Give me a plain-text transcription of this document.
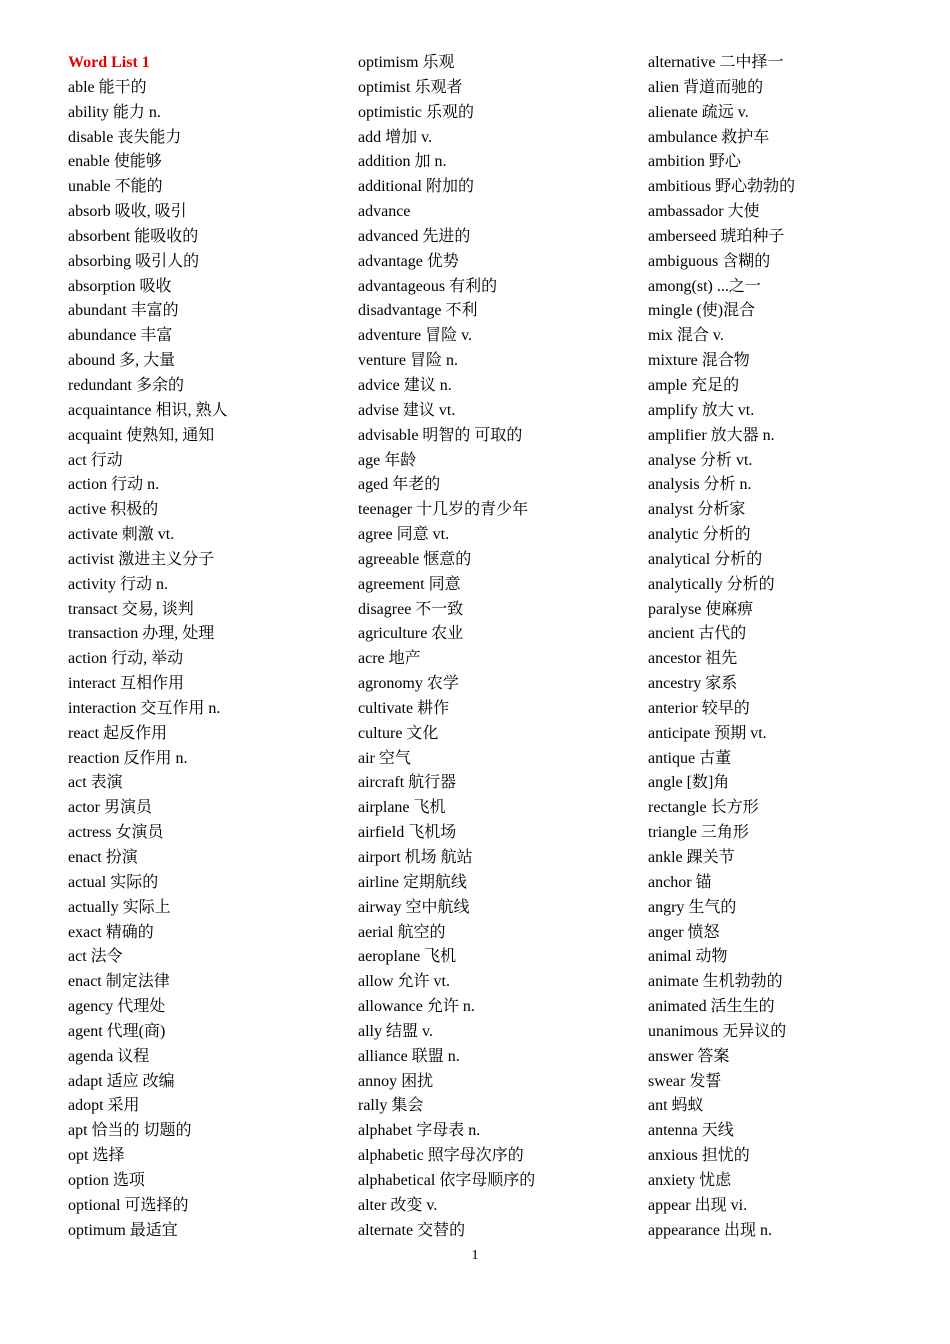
Word List 1
able 能干的
ability 能力 n.
disable 丧失能力
enable 使能够
unable 不能的
absorb 吸收, 吸引
absorbent 能吸收的
absorbing 吸引人的
absorption 吸收
abundant 丰富的
abundance 丰富
abound 多, 大量
redundant 多余的
acquaintance 相识, 熟人
acquaint 使熟知, 通知
act 行动
action 行动 n.
active 积极的
activate 刺激 vt.
activist 激进主义分子
activity 行动 n.
transact 交易, 谈判
transaction 办理, 处理
action 行动, 举动
interact 互相作用
interaction 交互作用 n.
react 起反作用
reaction 反作用 n.
act 表演
actor 男演员
actress 女演员
enact 扮演
actual 实际的
actually 实际上
exact 精确的
act 法令
enact 制定法律
agency 代理处
agent 代理(商)
agenda 议程
adapt 适应 改编
adopt 采用
apt 恰当的 切题的
opt 选择
option 选项
optional 可选择的
optimum 最适宜
optimism 乐观
optimist 乐观者
optimistic 乐观的
add 增加 v.
addition 加 n.
additional 附加的
advance
advanced 先进的
advantage 优势
advantageous 有利的
disadvantage 不利
adventure 冒险 v.
venture 冒险 n.
advice 建议 n.
advise 建议 vt.
advisable 明智的 可取的
age 年龄
aged 年老的
teenager 十几岁的青少年
agree 同意 vt.
agreeable 惬意的
agreement 同意
disagree 不一致
agriculture 农业
acre 地产
agronomy 农学
cultivate 耕作
culture 文化
air 空气
aircraft 航行器
airplane 飞机
airfield 飞机场
airport 机场 航站
airline 定期航线
airway 空中航线
aerial 航空的
aeroplane 飞机
allow 允许 vt.
allowance 允许 n.
ally 结盟 v.
alliance 联盟 n.
annoy 困扰
rally 集会
alphabet 字母表 n.
alphabetic 照字母次序的
alphabetical 依字母顺序的
alter 改变 v.
alternate 交替的
alternative 二中择一
alien 背道而驰的
alienate 疏远 v.
ambulance 救护车
ambition 野心
ambitious 野心勃勃的
ambassador 大使
amberseed 琥珀种子
ambiguous 含糊的
among(st) ...之一
mingle (使)混合
mix 混合 v.
mixture 混合物
ample 充足的
amplify 放大 vt.
amplifier 放大器 n.
analyse 分析 vt.
analysis 分析 n.
analyst 分析家
analytic 分析的
analytical 分析的
analytically 分析的
paralyse 使麻痹
ancient 古代的
ancestor 祖先
ancestry 家系
anterior 较早的
anticipate 预期 vt.
antique 古董
angle [数]角
rectangle 长方形
triangle 三角形
ankle 踝关节
anchor 锚
angry 生气的
anger 愤怒
animal 动物
animate 生机勃勃的
animated 活生生的
unanimous 无异议的
answer 答案
swear 发誓
ant 蚂蚁
antenna 天线
anxious 担忧的
anxiety 忧虑
appear 出现 vi.
appearance 出现 n.
1
